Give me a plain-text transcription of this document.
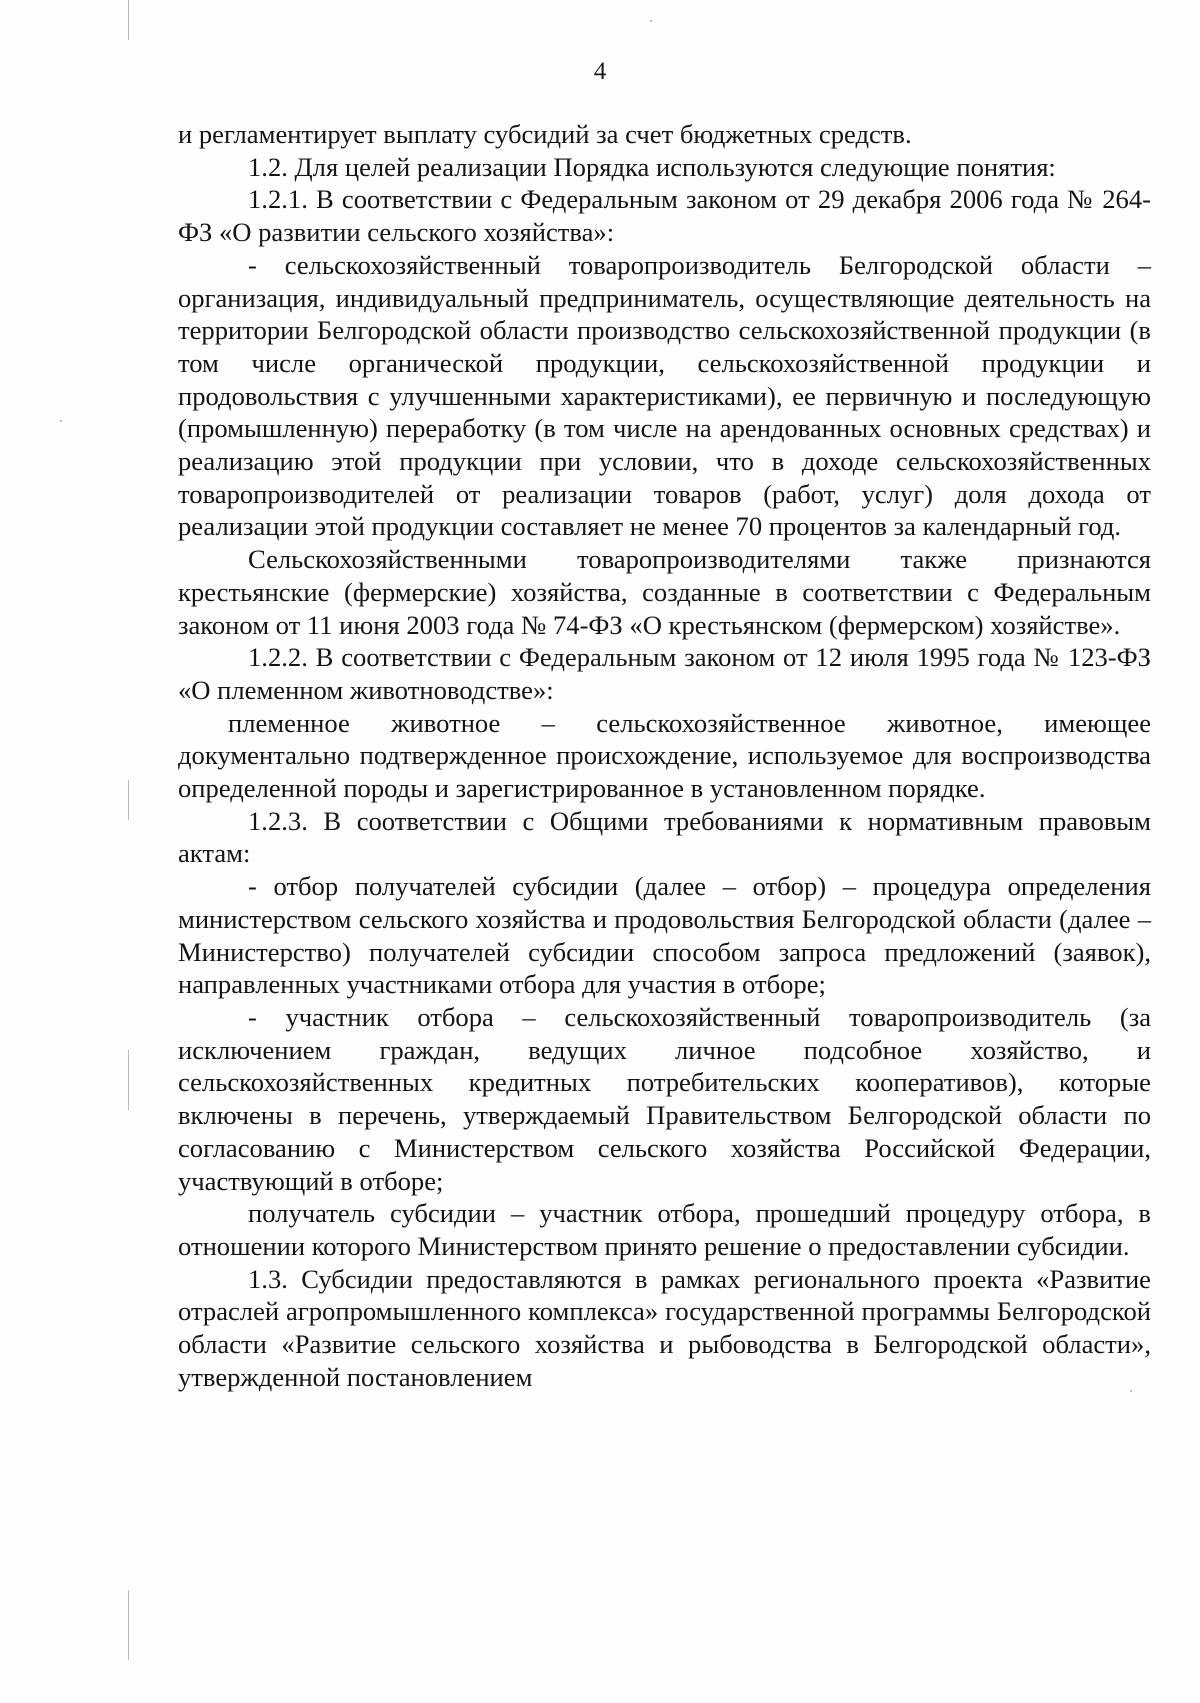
4

и регламентирует выплату субсидий за счет бюджетных средств.

1.2. Для целей реализации Порядка используются следующие понятия:

1.2.1. В соответствии с Федеральным законом от 29 декабря 2006 года № 264-ФЗ «О развитии сельского хозяйства»:

- сельскохозяйственный товаропроизводитель Белгородской области – организация, индивидуальный предприниматель, осуществляющие деятельность на территории Белгородской области производство сельскохозяйственной продукции (в том числе органической продукции, сельскохозяйственной продукции и продовольствия с улучшенными характеристиками), ее первичную и последующую (промышленную) переработку (в том числе на арендованных основных средствах) и реализацию этой продукции при условии, что в доходе сельскохозяйственных товаропроизводителей от реализации товаров (работ, услуг) доля дохода от реализации этой продукции составляет не менее 70 процентов за календарный год.

Сельскохозяйственными товаропроизводителями также признаются крестьянские (фермерские) хозяйства, созданные в соответствии с Федеральным законом от 11 июня 2003 года № 74-ФЗ «О крестьянском (фермерском) хозяйстве».

1.2.2. В соответствии с Федеральным законом от 12 июля 1995 года № 123-ФЗ «О племенном животноводстве»:

племенное животное – сельскохозяйственное животное, имеющее документально подтвержденное происхождение, используемое для воспроизводства определенной породы и зарегистрированное в установленном порядке.

1.2.3. В соответствии с Общими требованиями к нормативным правовым актам:

- отбор получателей субсидии (далее – отбор) – процедура определения министерством сельского хозяйства и продовольствия Белгородской области (далее – Министерство) получателей субсидии способом запроса предложений (заявок), направленных участниками отбора для участия в отборе;

- участник отбора – сельскохозяйственный товаропроизводитель (за исключением граждан, ведущих личное подсобное хозяйство, и сельскохозяйственных кредитных потребительских кооперативов), которые включены в перечень, утверждаемый Правительством Белгородской области по согласованию с Министерством сельского хозяйства Российской Федерации, участвующий в отборе;

получатель субсидии – участник отбора, прошедший процедуру отбора, в отношении которого Министерством принято решение о предоставлении субсидии.

1.3. Субсидии предоставляются в рамках регионального проекта «Развитие отраслей агропромышленного комплекса» государственной программы Белгородской области «Развитие сельского хозяйства и рыбоводства в Белгородской области», утвержденной постановлением
